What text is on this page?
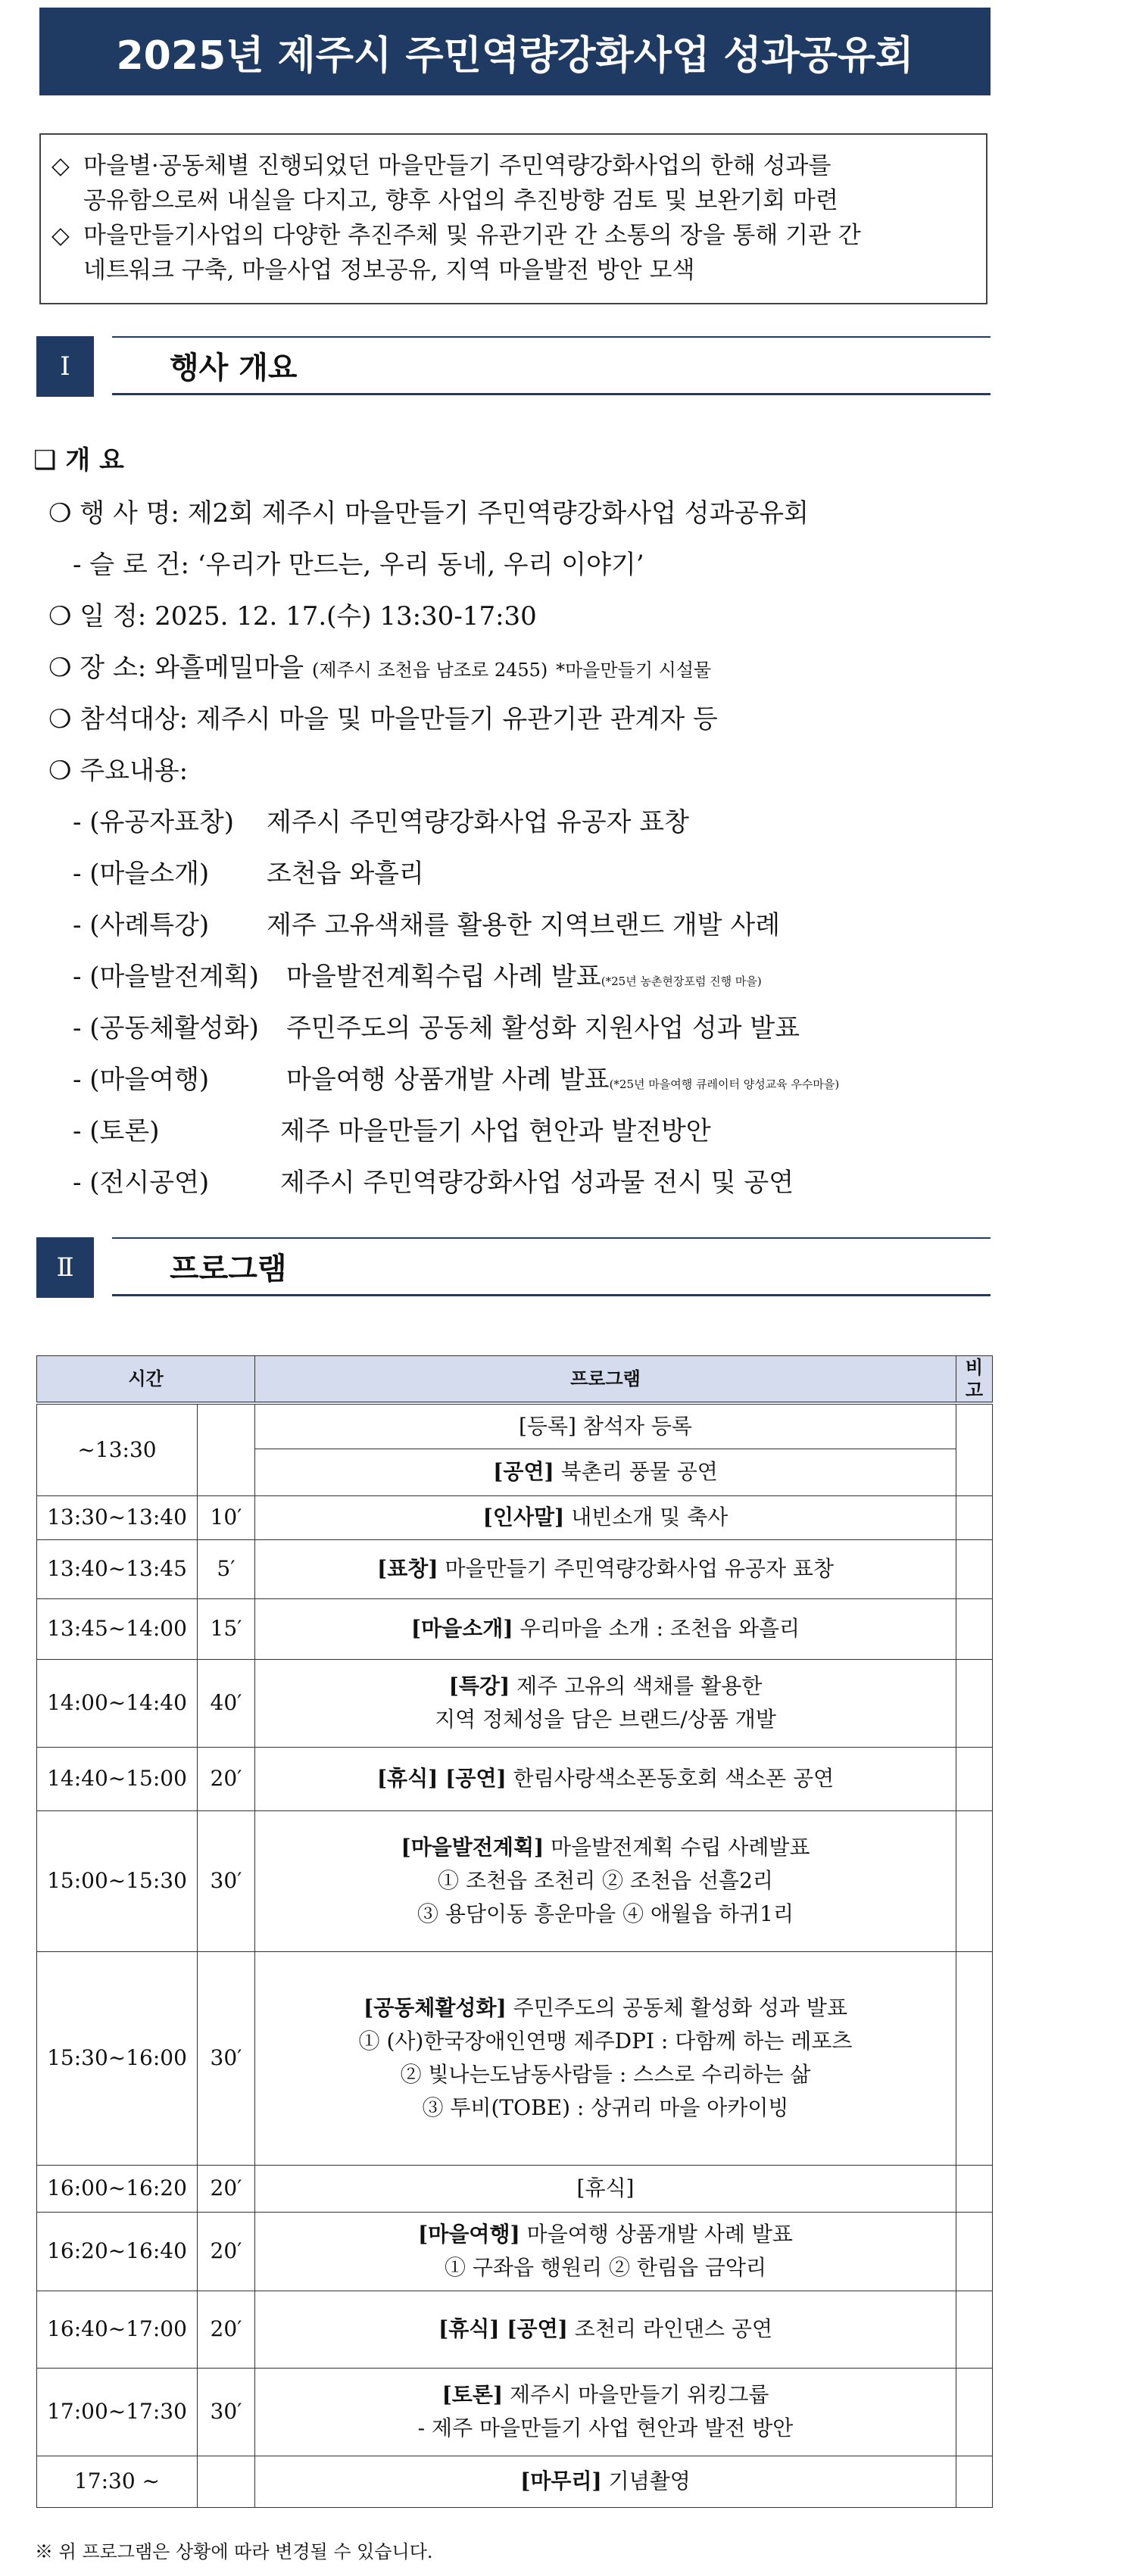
2025년 제주시 주민역량강화사업 성과공유회
◇ 마을별·공동체별 진행되었던 마을만들기 주민역량강화사업의 한해 성과를
공유함으로써 내실을 다지고, 향후 사업의 추진방향 검토 및 보완기회 마련
◇ 마을만들기사업의 다양한 추진주체 및 유관기관 간 소통의 장을 통해 기관 간
네트워크 구축, 마을사업 정보공유, 지역 마을발전 방안 모색
Ⅰ	행사 개요
❑ 개 요
❍ 행 사 명: 제2회 제주시 마을만들기 주민역량강화사업 성과공유회
- 슬 로 건: ‘우리가 만드는, 우리 동네, 우리 이야기’
❍ 일 정: 2025. 12. 17.(수) 13:30-17:30
❍ 장 소: 와흘메밀마을 (제주시 조천읍 남조로 2455) *마을만들기 시설물
❍ 참석대상: 제주시 마을 및 마을만들기 유관기관 관계자 등
❍ 주요내용:
- (유공자표창) 제주시 주민역량강화사업 유공자 표창
- (마을소개) 조천읍 와흘리
- (사례특강) 제주 고유색채를 활용한 지역브랜드 개발 사례
- (마을발전계획) 마을발전계획수립 사례 발표(*25년 농촌현장포럼 진행 마을)
- (공동체활성화) 주민주도의 공동체 활성화 지원사업 성과 발표
- (마을여행)	마을여행 상품개발 사례 발표(*25년 마을여행 큐레이터 양성교육 우수마을)
- (토론)	제주 마을만들기 사업 현안과 발전방안
- (전시공연)	제주시 주민역량강화사업 성과물 전시 및 공연
Ⅱ	프로그램
시간		프로그램	비고
~13:30		[등록] 참석자 등록	
		[공연] 북촌리 풍물 공연	
13:30~13:40	10′	[인사말] 내빈소개 및 축사	
13:40~13:45	5′	[표창] 마을만들기 주민역량강화사업 유공자 표창	
13:45~14:00	15′	[마을소개] 우리마을 소개 : 조천읍 와흘리	
14:00~14:40	40′	[특강] 제주 고유의 색채를 활용한
지역 정체성을 담은 브랜드/상품 개발	
14:40~15:00	20′	[휴식] [공연] 한림사랑색소폰동호회 색소폰 공연	
15:00~15:30	30′	[마을발전계획] 마을발전계획 수립 사례발표
① 조천읍 조천리 ② 조천읍 선흘2리
③ 용담이동 흥운마을 ④ 애월읍 하귀1리	
15:30~16:00	30′	[공동체활성화] 주민주도의 공동체 활성화 성과 발표
① (사)한국장애인연맹 제주DPI : 다함께 하는 레포츠
② 빛나는도남동사람들 : 스스로 수리하는 삶
③ 투비(TOBE) : 상귀리 마을 아카이빙	
16:00~16:20	20′	[휴식]	
16:20~16:40	20′	[마을여행] 마을여행 상품개발 사례 발표
① 구좌읍 행원리 ② 한림읍 금악리	
16:40~17:00	20′	[휴식] [공연] 조천리 라인댄스 공연	
17:00~17:30	30′	[토론] 제주시 마을만들기 위킹그룹
- 제주 마을만들기 사업 현안과 발전 방안	
17:30 ~		[마무리] 기념촬영	
※ 위 프로그램은 상황에 따라 변경될 수 있습니다.
